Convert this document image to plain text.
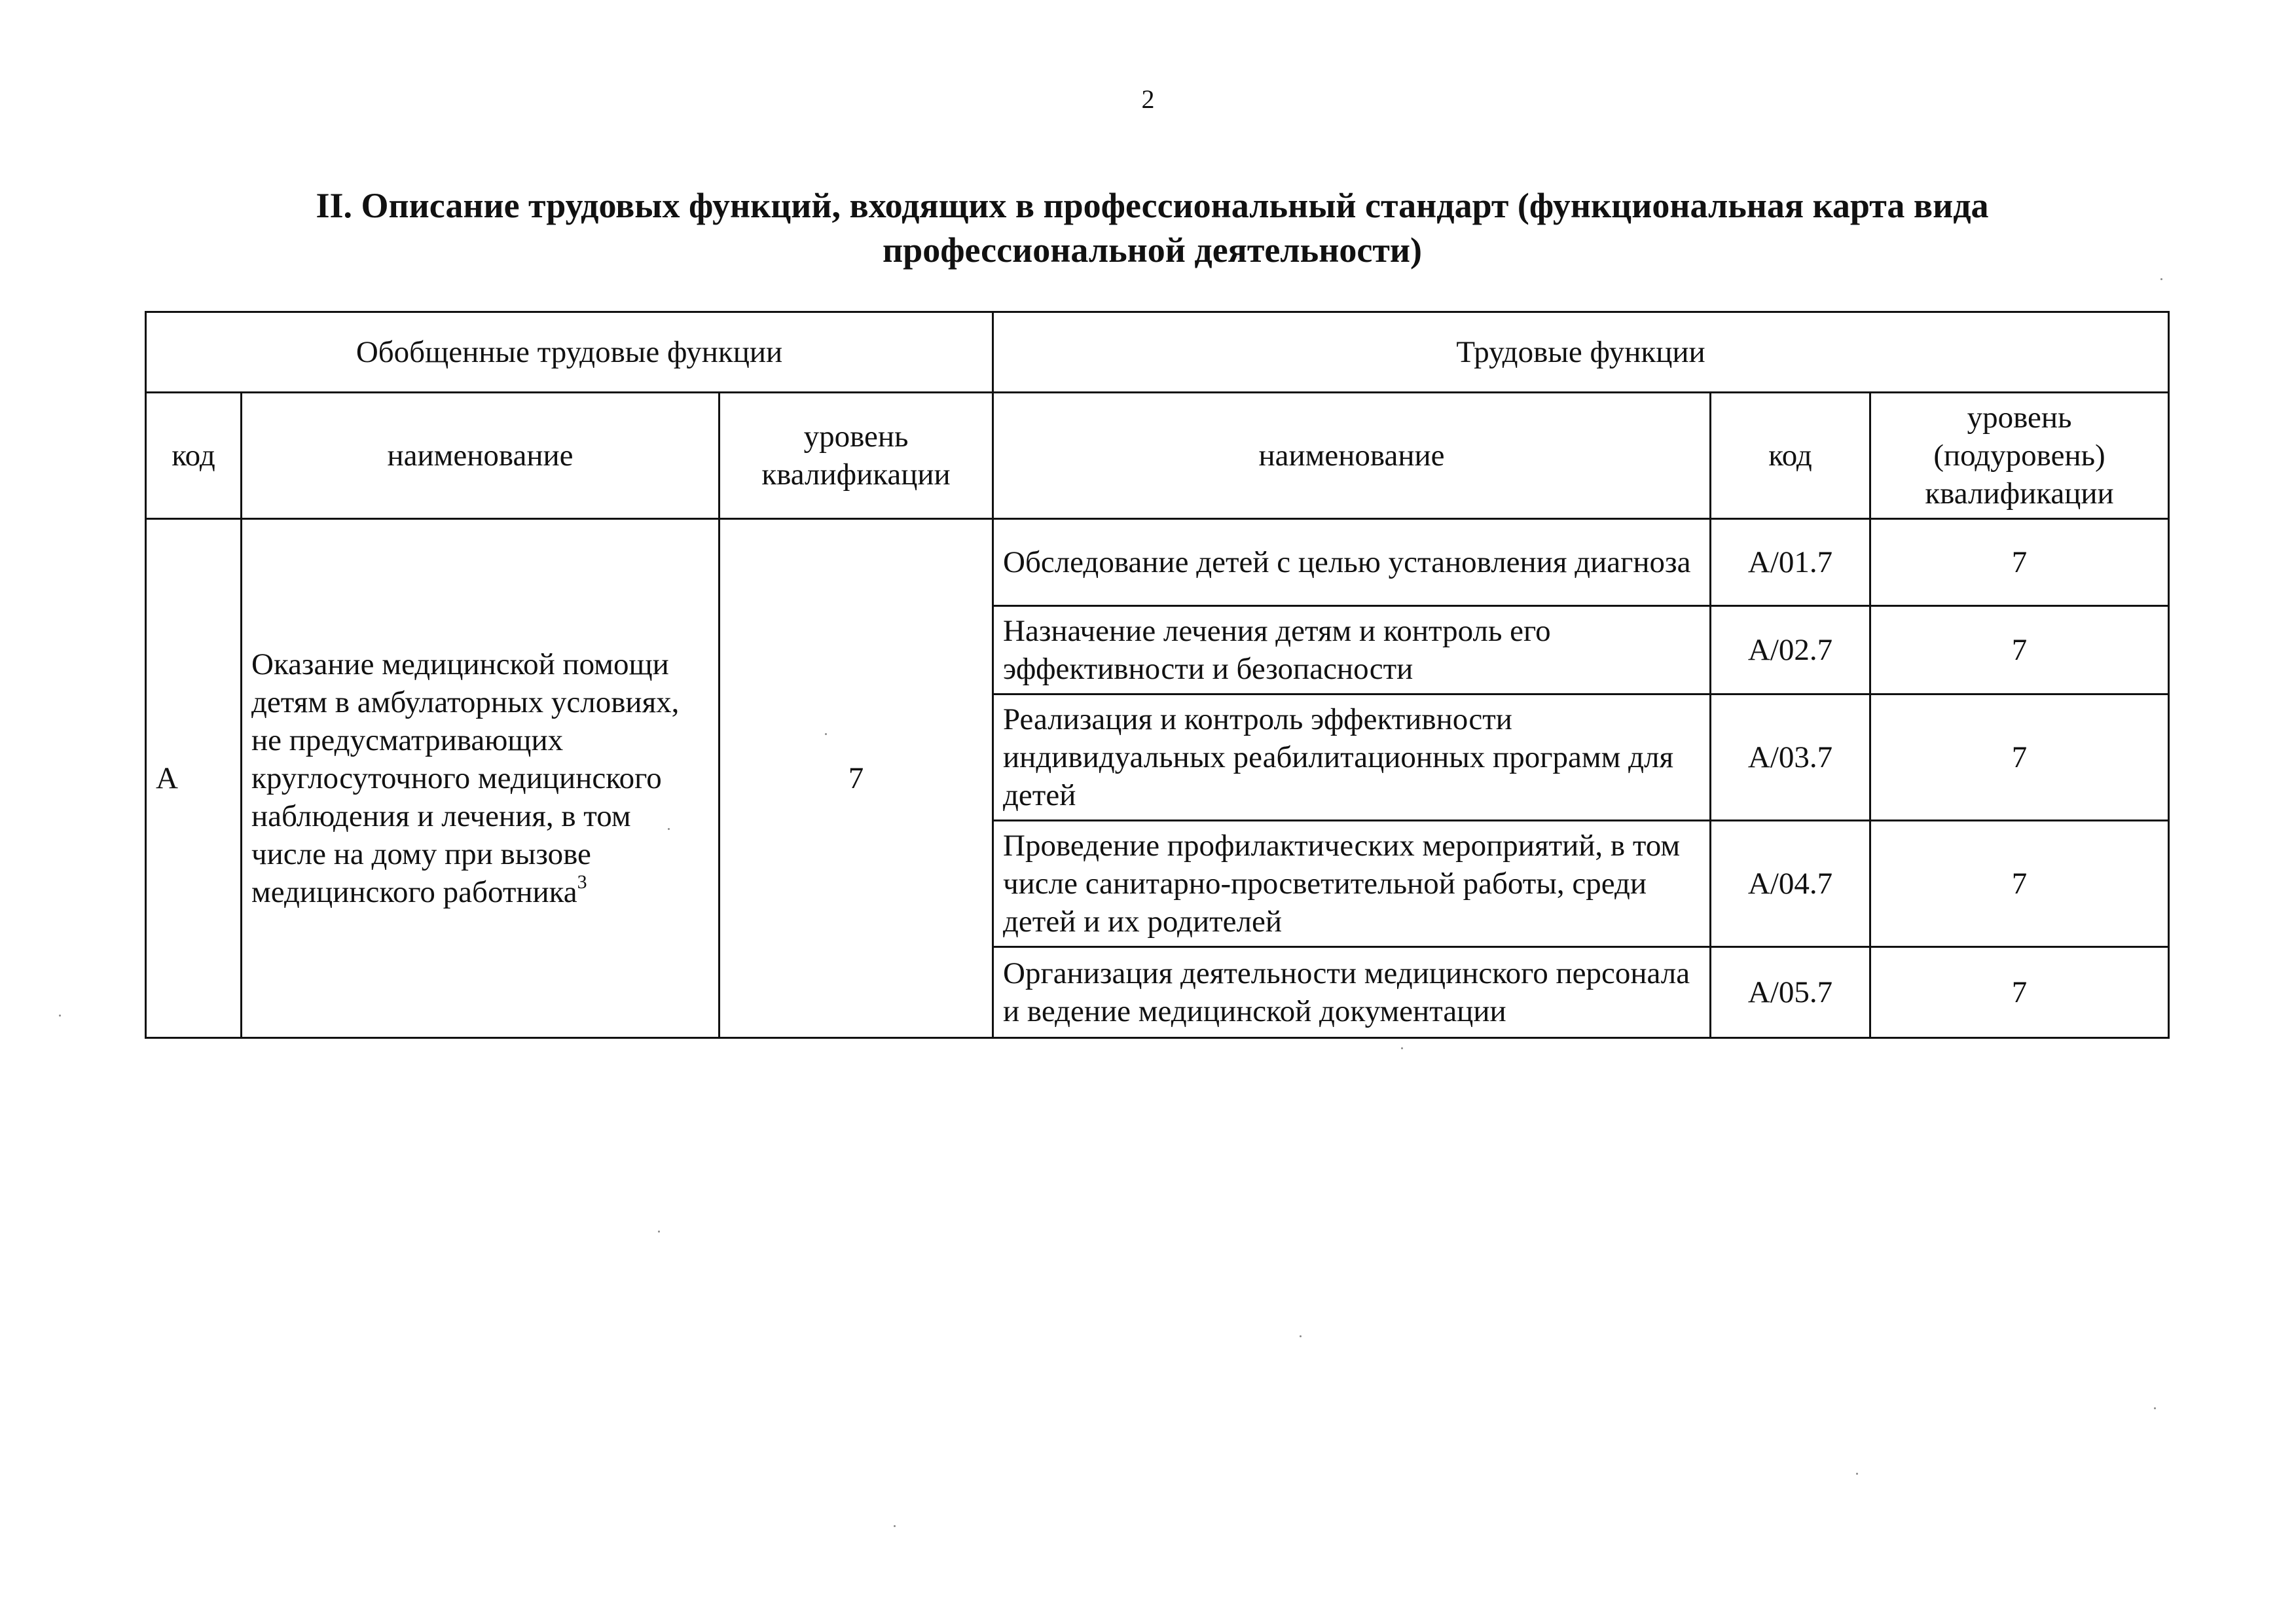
2
II. Описание трудовых функций, входящих в профессиональный стандарт (функциональная карта вида
профессиональной деятельности)
Обобщенные трудовые функции			Трудовые функции		
код	наименование	уровень квалификации	наименование	код	уровень (подуровень) квалификации
А	Оказание медицинской помощи детям в амбулаторных условиях, не предусматривающих круглосуточного медицинского наблюдения и лечения, в том числе на дому при вызове медицинского работника$^3$	7	Обследование детей с целью установления диагноза	А/01.7	7
			Назначение лечения детям и контроль его эффективности и безопасности	А/02.7	7
			Реализация и контроль эффективности индивидуальных реабилитационных программ для детей	А/03.7	7
			Проведение профилактических мероприятий, в том числе санитарно-просветительной работы, среди детей и их родителей	А/04.7	7
			Организация деятельности медицинского персонала и ведение медицинской документации	А/05.7	7
